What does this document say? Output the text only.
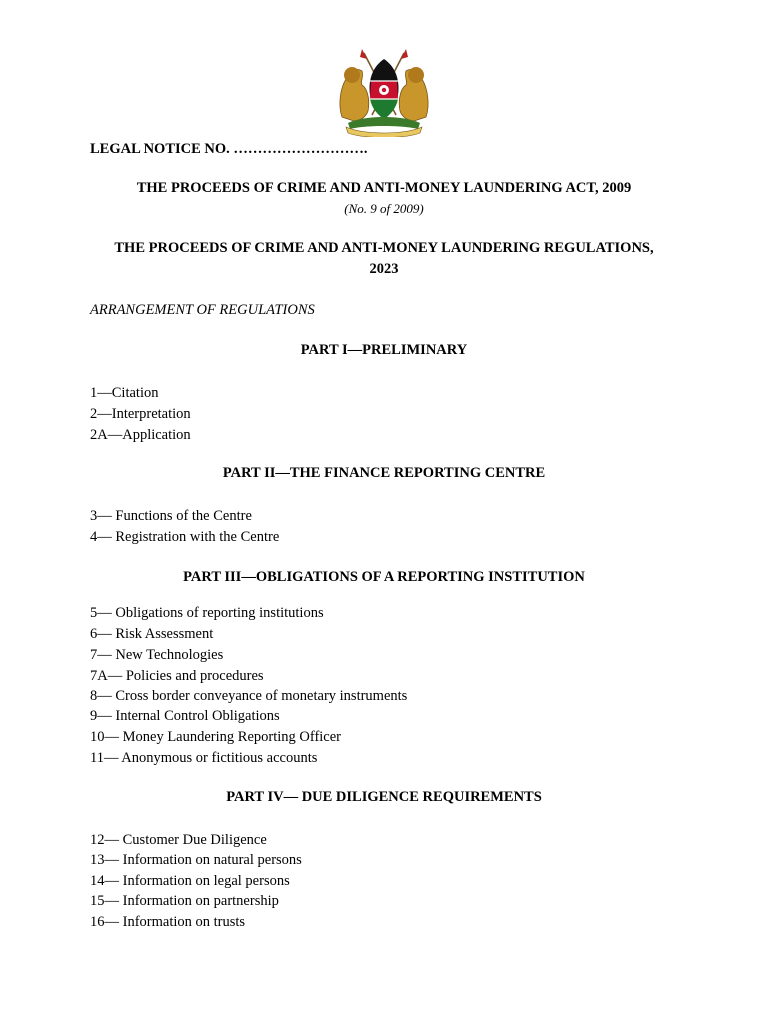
LEGAL NOTICE NO. ……………………….
THE PROCEEDS OF CRIME AND ANTI-MONEY LAUNDERING ACT, 2009
(No. 9 of 2009)
THE PROCEEDS OF CRIME AND ANTI-MONEY LAUNDERING REGULATIONS,
2023
ARRANGEMENT OF REGULATIONS
PART I—PRELIMINARY
1—Citation
2—Interpretation
2A—Application
PART II—THE FINANCE REPORTING CENTRE
3— Functions of the Centre
4— Registration with the Centre
PART III—OBLIGATIONS OF A REPORTING INSTITUTION
5— Obligations of reporting institutions
6— Risk Assessment
7— New Technologies
7A— Policies and procedures
8— Cross border conveyance of monetary instruments
9— Internal Control Obligations
10— Money Laundering Reporting Officer
11— Anonymous or fictitious accounts
PART IV— DUE DILIGENCE REQUIREMENTS
12— Customer Due Diligence
13— Information on natural persons
14— Information on legal persons
15— Information on partnership
16— Information on trusts
